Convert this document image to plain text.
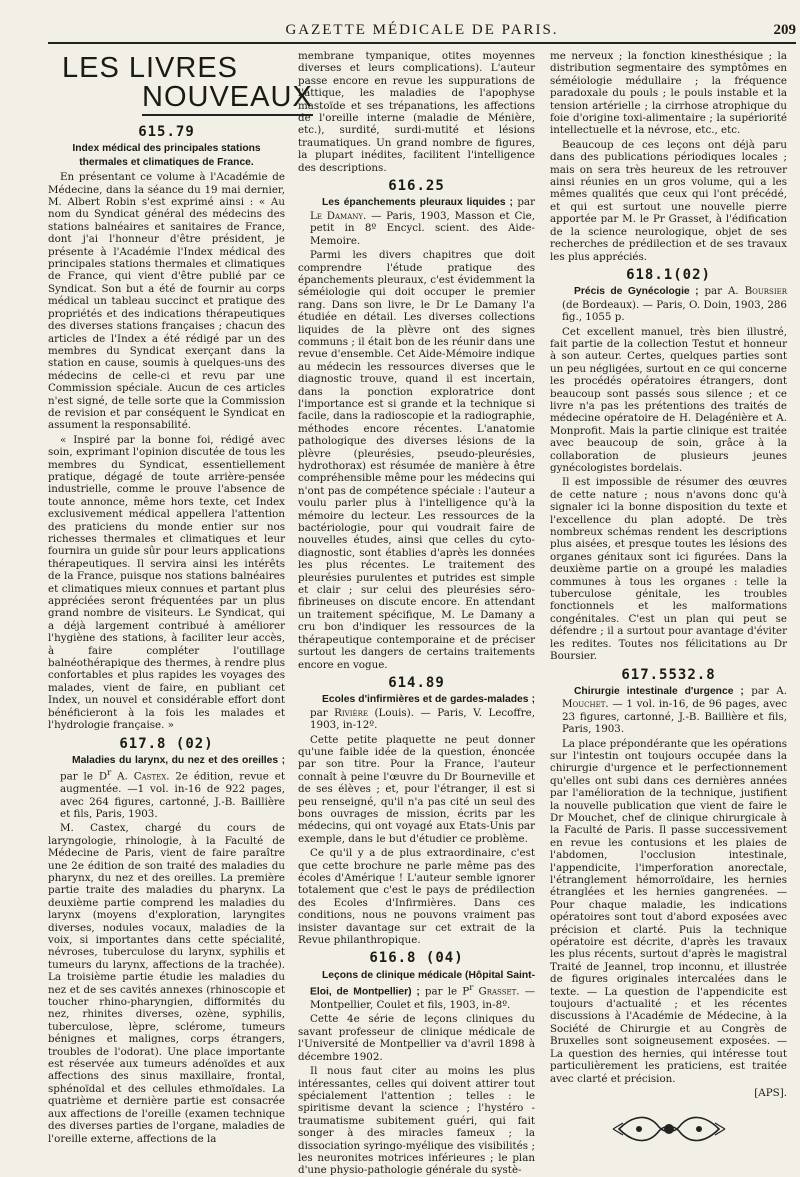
GAZETTE MÉDICALE DE PARIS.	209
LES LIVRES
NOUVEAUX
615.79

Index médical des principales stations thermales et climatiques de France.

En présentant ce volume à l'Académie de Médecine, dans la séance du 19 mai dernier, M. Albert Robin s'est exprimé ainsi : « Au nom du Syndicat général des médecins des stations balnéaires et sanitaires de France, dont j'ai l'honneur d'être président, je présente à l'Académie l'Index médical des principales stations thermales et climatiques de France, qui vient d'être publié par ce Syndicat. Son but a été de fournir au corps médical un tableau succinct et pratique des propriétés et des indications thérapeutiques des diverses stations françaises ; chacun des articles de l'Index a été rédigé par un des membres du Syndicat exerçant dans la station en cause, soumis à quelques-uns des médecins de celle-ci et revu par une Commission spéciale. Aucun de ces articles n'est signé, de telle sorte que la Commission de revision et par conséquent le Syndicat en assument la responsabilité.

« Inspiré par la bonne foi, rédigé avec soin, exprimant l'opinion discutée de tous les membres du Syndicat, essentiellement pratique, dégagé de toute arrière-pensée industrielle, comme le prouve l'absence de toute annonce, même hors texte, cet Index exclusivement médical appellera l'attention des praticiens du monde entier sur nos richesses thermales et climatiques et leur fournira un guide sûr pour leurs applications thérapeutiques. Il servira ainsi les intérêts de la France, puisque nos stations balnéaires et climatiques mieux connues et partant plus appréciées seront fréquentées par un plus grand nombre de visiteurs. Le Syndicat, qui a déjà largement contribué à améliorer l'hygiène des stations, à faciliter leur accès, à faire compléter l'outillage balnéothérapique des thermes, à rendre plus confortables et plus rapides les voyages des malades, vient de faire, en publiant cet Index, un nouvel et considérable effort dont bénéficieront à la fois les malades et l'hydrologie française. »

617.8 (02)

Maladies du larynx, du nez et des oreilles ; par le $D^r$ A. Castex. 2e édition, revue et augmentée. —1 vol. in-16 de 922 pages, avec 264 figures, cartonné, J.-B. Baillière et fils, Paris, 1903.

M. Castex, chargé du cours de laryngologie, rhinologie, à la Faculté de Médecine de Paris, vient de faire paraître une 2e édition de son traité des maladies du pharynx, du nez et des oreilles. La première partie traite des maladies du pharynx. La deuxième partie comprend les maladies du larynx (moyens d'exploration, laryngites diverses, nodules vocaux, maladies de la voix, si importantes dans cette spécialité, névroses, tuberculose du larynx, syphilis et tumeurs du larynx, affections de la trachée). La troisième partie étudie les maladies du nez et de ses cavités annexes (rhinoscopie et toucher rhino-pharyngien, difformités du nez, rhinites diverses, ozène, syphilis, tuberculose, lèpre, sclérome, tumeurs bénignes et malignes, corps étrangers, troubles de l'odorat). Une place importante est réservée aux tumeurs adénoïdes et aux affections des sinus maxillaire, frontal, sphénoïdal et des cellules ethmoïdales. La quatrième et dernière partie est consacrée aux affections de l'oreille (examen technique des diverses parties de l'organe, maladies de l'oreille externe, affections de la

membrane tympanique, otites moyennes diverses et leurs complications). L'auteur passe encore en revue les suppurations de l'attique, les maladies de l'apophyse mastoïde et ses trépanations, les affections de l'oreille interne (maladie de Ménière, etc.), surdité, surdi-mutité et lésions traumatiques. Un grand nombre de figures, la plupart inédites, facilitent l'intelligence des descriptions.

616.25

Les épanchements pleuraux liquides ; par Le Damany. — Paris, 1903, Masson et Cie, petit in 8º Encycl. scient. des Aide-Memoire.

Parmi les divers chapitres que doit comprendre l'étude pratique des épanchements pleuraux, c'est évidemment la séméiologie qui doit occuper le premier rang. Dans son livre, le Dr Le Damany l'a étudiée en détail. Les diverses collections liquides de la plèvre ont des signes communs ; il était bon de les réunir dans une revue d'ensemble. Cet Aide-Mémoire indique au médecin les ressources diverses que le diagnostic trouve, quand il est incertain, dans la ponction exploratrice dont l'importance est si grande et la technique si facile, dans la radioscopie et la radiographie, méthodes encore récentes. L'anatomie pathologique des diverses lésions de la plèvre (pleurésies, pseudo-pleurésies, hydrothorax) est résumée de manière à être compréhensible même pour les médecins qui n'ont pas de compétence spéciale : l'auteur a voulu parler plus à l'intelligence qu'à la mémoire du lecteur. Les ressources de la bactériologie, pour qui voudrait faire de nouvelles études, ainsi que celles du cyto-diagnostic, sont établies d'après les données les plus récentes. Le traitement des pleurésies purulentes et putrides est simple et clair ; sur celui des pleurésies séro-fibrineuses on discute encore. En attendant un traitement spécifique, M. Le Damany a cru bon d'indiquer les ressources de la thérapeutique contemporaine et de préciser surtout les dangers de certains traitements encore en vogue.

614.89

Ecoles d'infirmières et de gardes-malades ; par Rivière (Louis). — Paris, V. Lecoffre, 1903, in-12º.

Cette petite plaquette ne peut donner qu'une faible idée de la question, énoncée par son titre. Pour la France, l'auteur connaît à peine l'œuvre du Dr Bourneville et de ses élèves ; et, pour l'étranger, il est si peu renseigné, qu'il n'a pas cité un seul des bons ouvrages de mission, écrits par les médecins, qui ont voyagé aux Etats-Unis par exemple, dans le but d'étudier ce problème.

Ce qu'il y a de plus extraordinaire, c'est que cette brochure ne parle même pas des écoles d'Amérique ! L'auteur semble ignorer totalement que c'est le pays de prédilection des Ecoles d'Infirmières. Dans ces conditions, nous ne pouvons vraiment pas insister davantage sur cet extrait de la Revue philanthropique.

616.8 (04)

Leçons de clinique médicale (Hôpital Saint-Eloi, de Montpellier) ; par le $P^r$ Grasset. — Montpellier, Coulet et fils, 1903, in-8º.

Cette 4e série de leçons cliniques du savant professeur de clinique médicale de l'Université de Montpellier va d'avril 1898 à décembre 1902.

Il nous faut citer au moins les plus intéressantes, celles qui doivent attirer tout spécialement l'attention ; telles : le spiritisme devant la science ; l'hystéro - traumatisme subitement guéri, qui fait songer à des miracles fameux ; la dissociation syringo-myélique des visibilités ; les neuronites motrices inférieures ; le plan d'une physio-pathologie générale du systè-

me nerveux ; la fonction kinesthésique ; la distribution segmentaire des symptômes en séméiologie médullaire ; la fréquence paradoxale du pouls ; le pouls instable et la tension artérielle ; la cirrhose atrophique du foie d'origine toxi-alimentaire ; la supériorité intellectuelle et la névrose, etc., etc.

Beaucoup de ces leçons ont déjà paru dans des publications périodiques locales ; mais on sera très heureux de les retrouver ainsi réunies en un gros volume, qui a les mêmes qualités que ceux qui l'ont précédé, et qui est surtout une nouvelle pierre apportée par M. le Pr Grasset, à l'édification de la science neurologique, objet de ses recherches de prédilection et de ses travaux les plus appréciés.

618.1(02)

Précis de Gynécologie ; par A. Boursier (de Bordeaux). — Paris, O. Doin, 1903, 286 fig., 1055 p.

Cet excellent manuel, très bien illustré, fait partie de la collection Testut et honneur à son auteur. Certes, quelques parties sont un peu négligées, surtout en ce qui concerne les procédés opératoires étrangers, dont beaucoup sont passés sous silence ; et ce livre n'a pas les prétentions des traités de médecine opératoire de H. Delagénière et A. Monprofit. Mais la partie clinique est traitée avec beaucoup de soin, grâce à la collaboration de plusieurs jeunes gynécologistes bordelais.

Il est impossible de résumer des œuvres de cette nature ; nous n'avons donc qu'à signaler ici la bonne disposition du texte et l'excellence du plan adopté. De très nombreux schémas rendent les descriptions plus aisées, et presque toutes les lésions des organes génitaux sont ici figurées. Dans la deuxième partie on a groupé les maladies communes à tous les organes : telle la tuberculose génitale, les troubles fonctionnels et les malformations congénitales. C'est un plan qui peut se défendre ; il a surtout pour avantage d'éviter les redites. Toutes nos félicitations au Dr Boursier.

617.5532.8

Chirurgie intestinale d'urgence ; par A. Mouchet. — 1 vol. in-16, de 96 pages, avec 23 figures, cartonné, J.-B. Baillière et fils, Paris, 1903.

La place prépondérante que les opérations sur l'intestin ont toujours occupée dans la chirurgie d'urgence et le perfectionnement qu'elles ont subi dans ces dernières années par l'amélioration de la technique, justifient la nouvelle publication que vient de faire le Dr Mouchet, chef de clinique chirurgicale à la Faculté de Paris. Il passe successivement en revue les contusions et les plaies de l'abdomen, l'occlusion intestinale, l'appendicite, l'imperforation anorectale, l'étranglement hémorroïdaire, les hernies étranglées et les hernies gangrenées. — Pour chaque maladie, les indications opératoires sont tout d'abord exposées avec précision et clarté. Puis la technique opératoire est décrite, d'après les travaux les plus récents, surtout d'après le magistral Traité de Jeannel, trop inconnu, et illustrée de figures originales intercalées dans le texte. — La question de l'appendicite est toujours d'actualité ; et les récentes discussions à l'Académie de Médecine, à la Société de Chirurgie et au Congrès de Bruxelles sont soigneusement exposées. — La question des hernies, qui intéresse tout particulièrement les praticiens, est traitée avec clarté et précision.

[APS].
